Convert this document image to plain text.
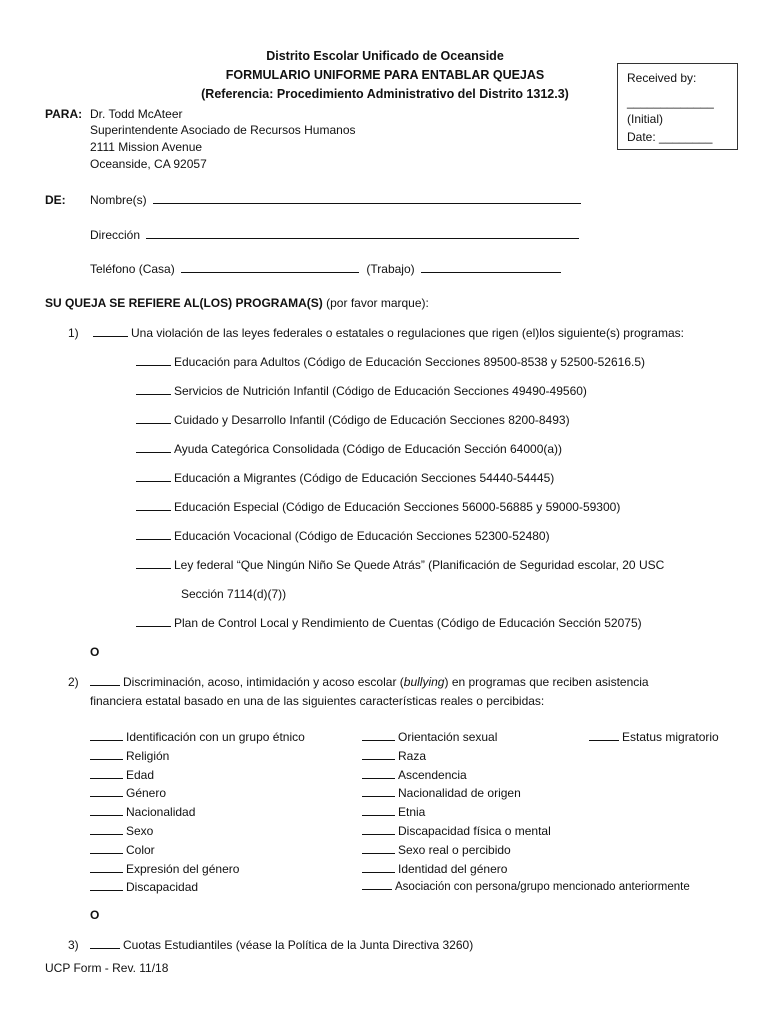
Distrito Escolar Unificado de Oceanside
FORMULARIO UNIFORME PARA ENTABLAR QUEJAS
(Referencia: Procedimiento Administrativo del Distrito 1312.3)
Received by:
_____________
(Initial)
Date: ________
PARA: Dr. Todd McAteer
Superintendente Asociado de Recursos Humanos
2111 Mission Avenue
Oceanside, CA 92057
DE: Nombre(s)
Dirección
Teléfono (Casa)	(Trabajo)
SU QUEJA SE REFIERE AL(LOS) PROGRAMA(S) (por favor marque):
1)	Una violación de las leyes federales o estatales o regulaciones que rigen (el)los siguiente(s) programas:
Educación para Adultos (Código de Educación Secciones 89500-8538 y 52500-52616.5)
Servicios de Nutrición Infantil (Código de Educación Secciones 49490-49560)
Cuidado y Desarrollo Infantil (Código de Educación Secciones 8200-8493)
Ayuda Categórica Consolidada (Código de Educación Sección 64000(a))
Educación a Migrantes (Código de Educación Secciones 54440-54445)
Educación Especial (Código de Educación Secciones 56000-56885 y 59000-59300)
Educación Vocacional (Código de Educación Secciones 52300-52480)
Ley federal “Que Ningún Niño Se Quede Atrás” (Planificación de Seguridad escolar, 20 USC
Sección 7114(d)(7))
Plan de Control Local y Rendimiento de Cuentas (Código de Educación Sección 52075)
O
2)	Discriminación, acoso, intimidación y acoso escolar (bullying) en programas que reciben asistencia
financiera estatal basado en una de las siguientes características reales o percibidas:
Identificación con un grupo étnico
Religión
Edad
Género
Nacionalidad
Sexo
Color
Expresión del género
Discapacidad
Orientación sexual
Raza
Ascendencia
Nacionalidad de origen
Etnia
Discapacidad física o mental
Sexo real o percibido
Identidad del género
Asociación con persona/grupo mencionado anteriormente
Estatus migratorio
O
3)	Cuotas Estudiantiles (véase la Política de la Junta Directiva 3260)
UCP Form - Rev. 11/18
